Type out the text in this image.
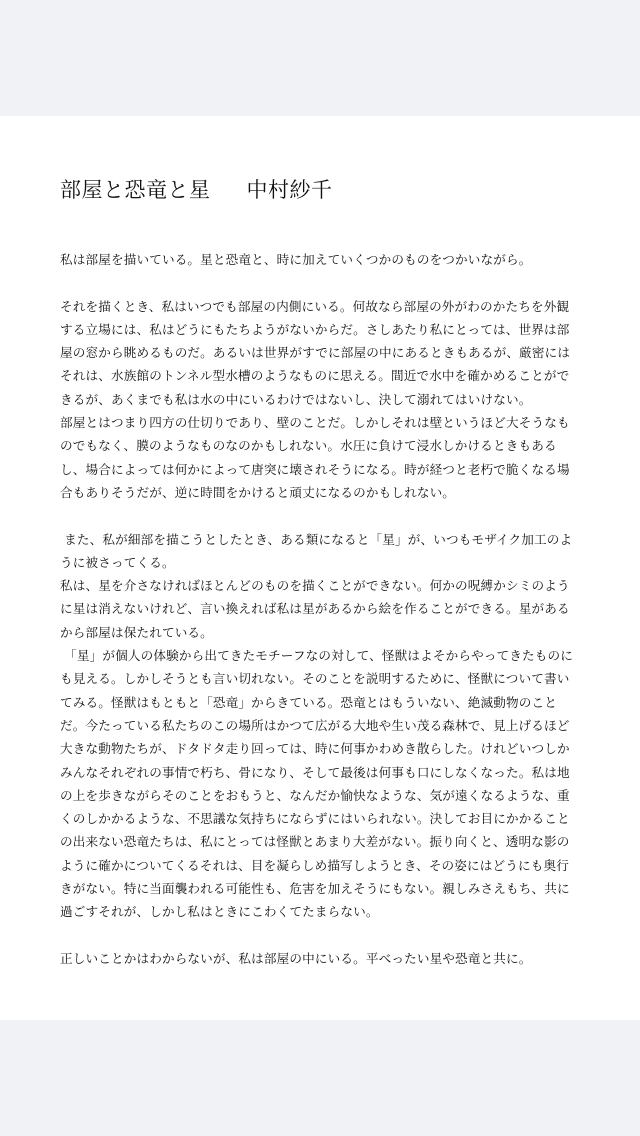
部屋と恐竜と星 中村紗千

私は部屋を描いている。星と恐竜と、時に加えていくつかのものをつかいながら。

それを描くとき、私はいつでも部屋の内側にいる。何故なら部屋の外がわのかたちを外観する立場には、私はどうにもたちようがないからだ。さしあたり私にとっては、世界は部屋の窓から眺めるものだ。あるいは世界がすでに部屋の中にあるときもあるが、厳密にはそれは、水族館のトンネル型水槽のようなものに思える。間近で水中を確かめることができるが、あくまでも私は水の中にいるわけではないし、決して溺れてはいけない。

部屋とはつまり四方の仕切りであり、壁のことだ。しかしそれは壁というほど大そうなものでもなく、膜のようなものなのかもしれない。水圧に負けて浸水しかけるときもあるし、場合によっては何かによって唐突に壊されそうになる。時が経つと老朽で脆くなる場合もありそうだが、逆に時間をかけると頑丈になるのかもしれない。

また、私が細部を描こうとしたとき、ある類になると「星」が、いつもモザイク加工のように被さってくる。

私は、星を介さなければほとんどのものを描くことができない。何かの呪縛かシミのように星は消えないけれど、言い換えれば私は星があるから絵を作ることができる。星があるから部屋は保たれている。

「星」が個人の体験から出てきたモチーフなの対して、怪獣はよそからやってきたものにも見える。しかしそうとも言い切れない。そのことを説明するために、怪獣について書いてみる。怪獣はもともと「恐竜」からきている。恐竜とはもういない、絶滅動物のことだ。今たっている私たちのこの場所はかつて広がる大地や生い茂る森林で、見上げるほど大きな動物たちが、ドタドタ走り回っては、時に何事かわめき散らした。けれどいつしかみんなそれぞれの事情で朽ち、骨になり、そして最後は何事も口にしなくなった。私は地の上を歩きながらそのことをおもうと、なんだか愉快なような、気が遠くなるような、重くのしかかるような、不思議な気持ちにならずにはいられない。決してお目にかかることの出来ない恐竜たちは、私にとっては怪獣とあまり大差がない。振り向くと、透明な影のように確かについてくるそれは、目を凝らしめ描写しようとき、その姿にはどうにも奥行きがない。特に当面襲われる可能性も、危害を加えそうにもない。親しみさえもち、共に過ごすそれが、しかし私はときにこわくてたまらない。

正しいことかはわからないが、私は部屋の中にいる。平べったい星や恐竜と共に。
